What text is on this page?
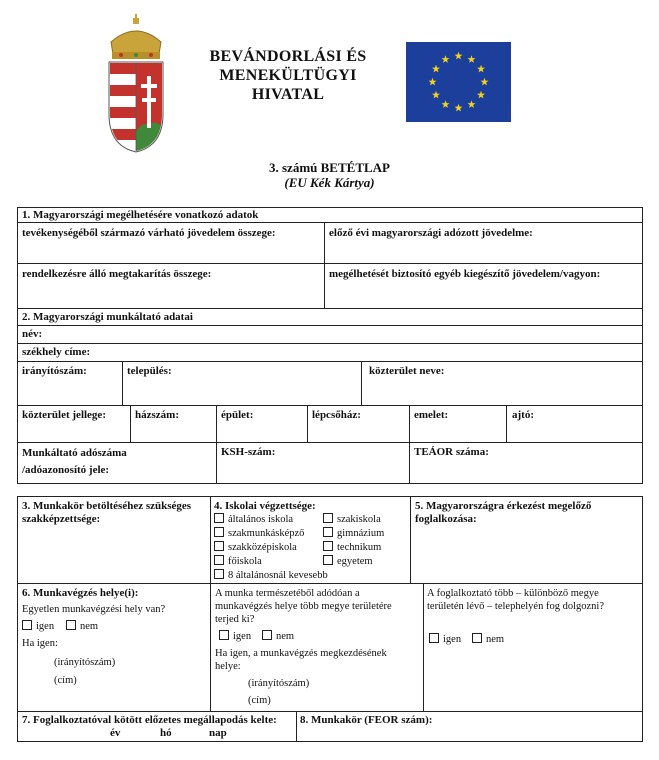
BEVÁNDORLÁSI ÉS
MENEKÜLTÜGYI
HIVATAL
3. számú BETÉTLAP
(EU Kék Kártya)
1. Magyarországi megélhetésére vonatkozó adatok
tevékenységéből származó várható jövedelem összege:	előző évi magyarországi adózott jövedelme:
rendelkezésre álló megtakarítás összege:	megélhetését biztosító egyéb kiegészítő jövedelem/vagyon:
2. Magyarországi munkáltató adatai
név:
székhely címe:
irányítószám:	település:	közterület neve:
közterület jellege:	házszám:	épület:	lépcsőház:	emelet:	ajtó:
Munkáltató adószáma
/adóazonosító jele:
KSH-szám:	TEÁOR száma:
3. Munkakör betöltéséhez szükséges
szakképzettsége:
4. Iskolai végzettsége:
általános iskola	szakiskola
szakmunkásképző	gimnázium
szakközépiskola	technikum
főiskola	egyetem
8 általánosnál kevesebb
5. Magyarországra érkezést megelőző
foglalkozása:
6. Munkavégzés helye(i):
Egyetlen munkavégzési hely van?
igen	nem
Ha igen:
(irányítószám)
(cím)
A munka természetéből adódóan a
munkavégzés helye több megye területére
terjed ki?
igen	nem
Ha igen, a munkavégzés megkezdésének
helye:
(irányítószám)
(cím)
A foglalkoztató több – különböző megye
területén lévő – telephelyén fog dolgozni?
igen	nem
7. Foglalkoztatóval kötött előzetes megállapodás kelte:
év	hó	nap
8. Munkakör (FEOR szám):
